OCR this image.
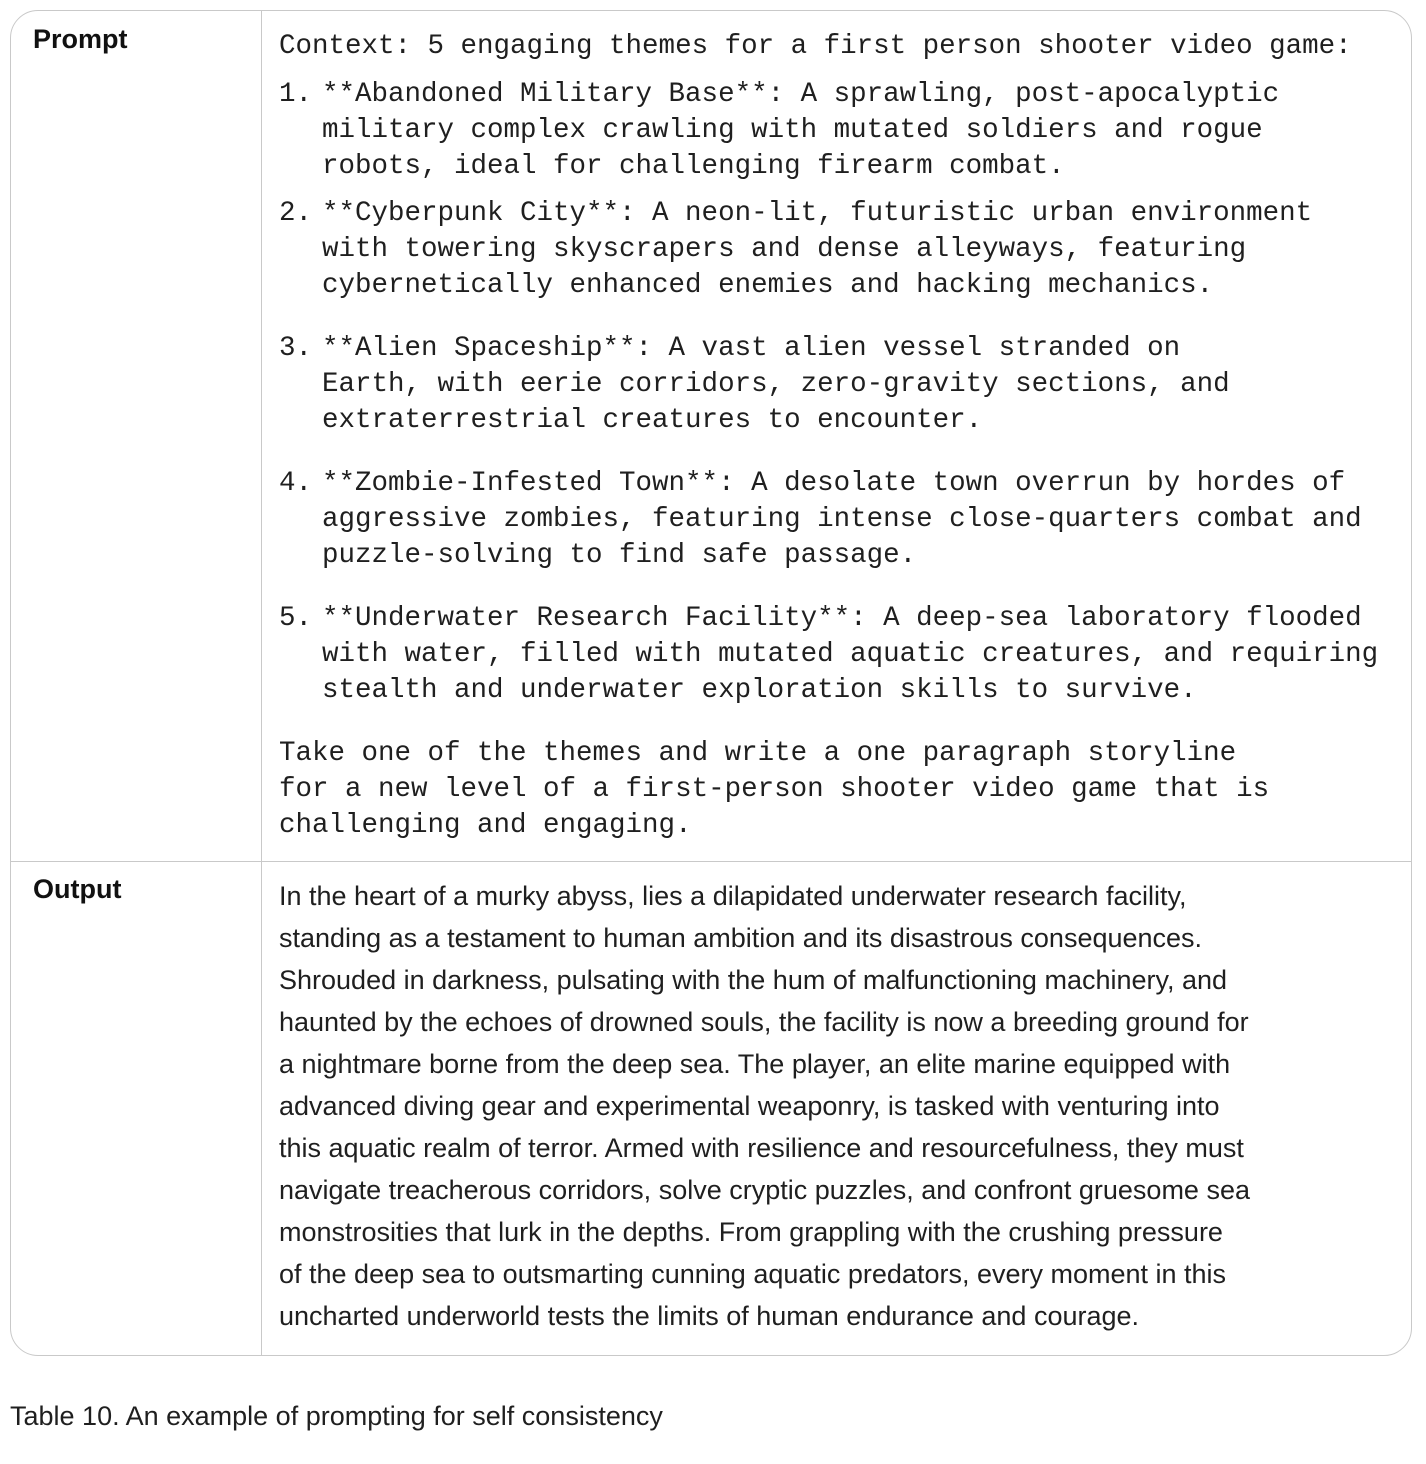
Prompt
Output

Context: 5 engaging themes for a first person shooter video game:

1. **Abandoned Military Base**: A sprawling, post-apocalyptic
military complex crawling with mutated soldiers and rogue
robots, ideal for challenging firearm combat.
2. **Cyberpunk City**: A neon-lit, futuristic urban environment
with towering skyscrapers and dense alleyways, featuring
cybernetically enhanced enemies and hacking mechanics.
3. **Alien Spaceship**: A vast alien vessel stranded on
Earth, with eerie corridors, zero-gravity sections, and
extraterrestrial creatures to encounter.
4. **Zombie-Infested Town**: A desolate town overrun by hordes of
aggressive zombies, featuring intense close-quarters combat and
puzzle-solving to find safe passage.
5. **Underwater Research Facility**: A deep-sea laboratory flooded
with water, filled with mutated aquatic creatures, and requiring
stealth and underwater exploration skills to survive.

Take one of the themes and write a one paragraph storyline

for a new level of a first-person shooter video game that is

challenging and engaging.

In the heart of a murky abyss, lies a dilapidated underwater research facility,
standing as a testament to human ambition and its disastrous consequences.
Shrouded in darkness, pulsating with the hum of malfunctioning machinery, and
haunted by the echoes of drowned souls, the facility is now a breeding ground for
a nightmare borne from the deep sea. The player, an elite marine equipped with
advanced diving gear and experimental weaponry, is tasked with venturing into
this aquatic realm of terror. Armed with resilience and resourcefulness, they must
navigate treacherous corridors, solve cryptic puzzles, and confront gruesome sea
monstrosities that lurk in the depths. From grappling with the crushing pressure
of the deep sea to outsmarting cunning aquatic predators, every moment in this
uncharted underworld tests the limits of human endurance and courage.
Table 10. An example of prompting for self consistency
